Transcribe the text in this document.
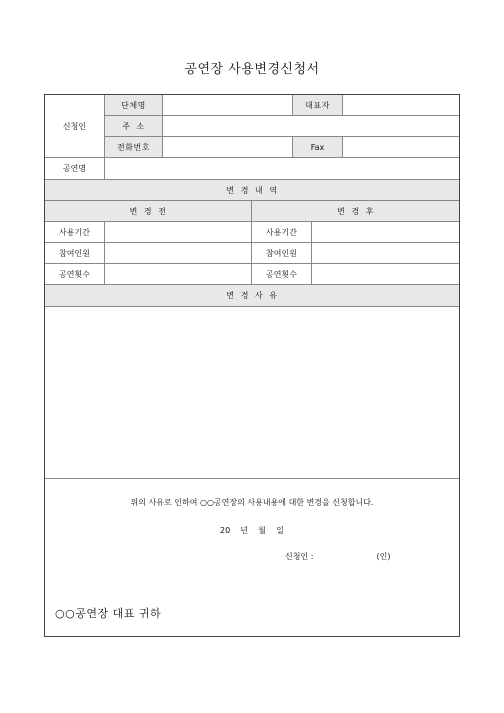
공연장 사용변경신청서
신청인
단체명	대표자
주  소
전화번호	Fax
공연명
변  경  내  역
변  경  전	변  경  후
사용기간	사용기간
참여인원	참여인원
공연횟수	공연횟수
변  경  사  유
위의 사유로 인하여 ○○공연장의 사용내용에 대한 변경을 신청합니다.
20    년    월    일
신청인 :	(인)
○○공연장 대표 귀하
